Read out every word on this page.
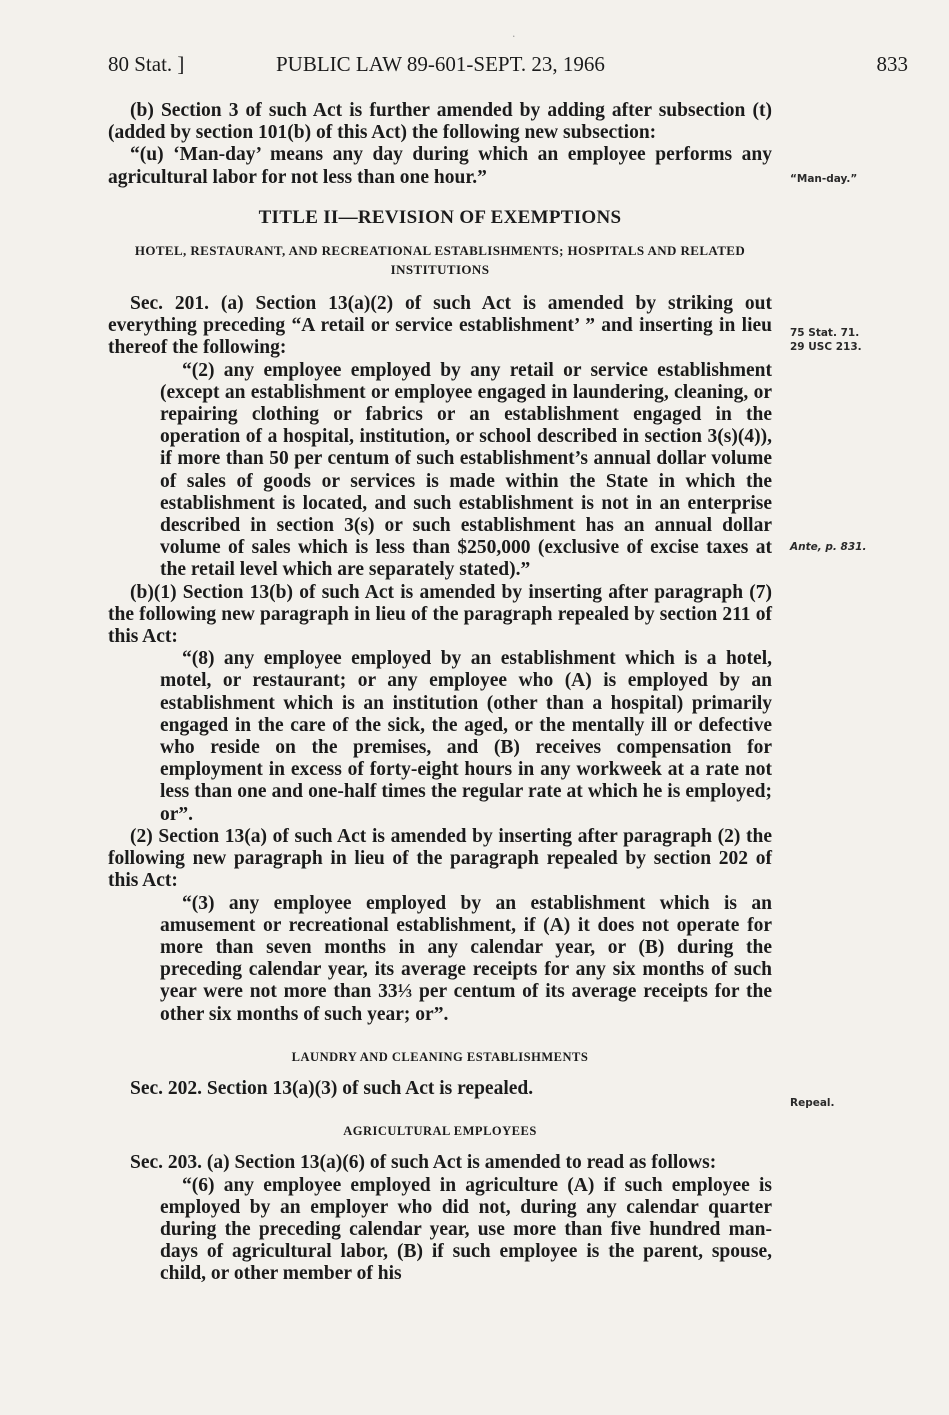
·
80 Stat. ]	PUBLIC LAW 89-601-SEPT. 23, 1966	833

(b) Section 3 of such Act is further amended by adding after subsection (t) (added by section 101(b) of this Act) the following new subsection:

“(u) ‘Man-day’ means any day during which an employee performs any agricultural labor for not less than one hour.”

TITLE II—REVISION OF EXEMPTIONS

HOTEL, RESTAURANT, AND RECREATIONAL ESTABLISHMENTS; HOSPITALS AND RELATED INSTITUTIONS

Sec. 201. (a) Section 13(a)(2) of such Act is amended by striking out everything preceding “A retail or service establishment’ ” and inserting in lieu thereof the following:

“(2) any employee employed by any retail or service establishment (except an establishment or employee engaged in laundering, cleaning, or repairing clothing or fabrics or an establishment engaged in the operation of a hospital, institution, or school described in section 3(s)(4)), if more than 50 per centum of such establishment’s annual dollar volume of sales of goods or services is made within the State in which the establishment is located, and such establishment is not in an enterprise described in section 3(s) or such establishment has an annual dollar volume of sales which is less than $250,000 (exclusive of excise taxes at the retail level which are separately stated).”

(b)(1) Section 13(b) of such Act is amended by inserting after paragraph (7) the following new paragraph in lieu of the paragraph repealed by section 211 of this Act:

“(8) any employee employed by an establishment which is a hotel, motel, or restaurant; or any employee who (A) is employed by an establishment which is an institution (other than a hospital) primarily engaged in the care of the sick, the aged, or the mentally ill or defective who reside on the premises, and (B) receives compensation for employment in excess of forty-eight hours in any workweek at a rate not less than one and one-half times the regular rate at which he is employed; or”.

(2) Section 13(a) of such Act is amended by inserting after paragraph (2) the following new paragraph in lieu of the paragraph repealed by section 202 of this Act:

“(3) any employee employed by an establishment which is an amusement or recreational establishment, if (A) it does not operate for more than seven months in any calendar year, or (B) during the preceding calendar year, its average receipts for any six months of such year were not more than 33⅓ per centum of its average receipts for the other six months of such year; or”.

LAUNDRY AND CLEANING ESTABLISHMENTS

Sec. 202. Section 13(a)(3) of such Act is repealed.

AGRICULTURAL EMPLOYEES

Sec. 203. (a) Section 13(a)(6) of such Act is amended to read as follows:

“(6) any employee employed in agriculture (A) if such employee is employed by an employer who did not, during any calendar quarter during the preceding calendar year, use more than five hundred man-days of agricultural labor, (B) if such employee is the parent, spouse, child, or other member of his

“Man-day.”
75 Stat. 71.
29 USC 213.
Ante, p. 831.
Repeal.
